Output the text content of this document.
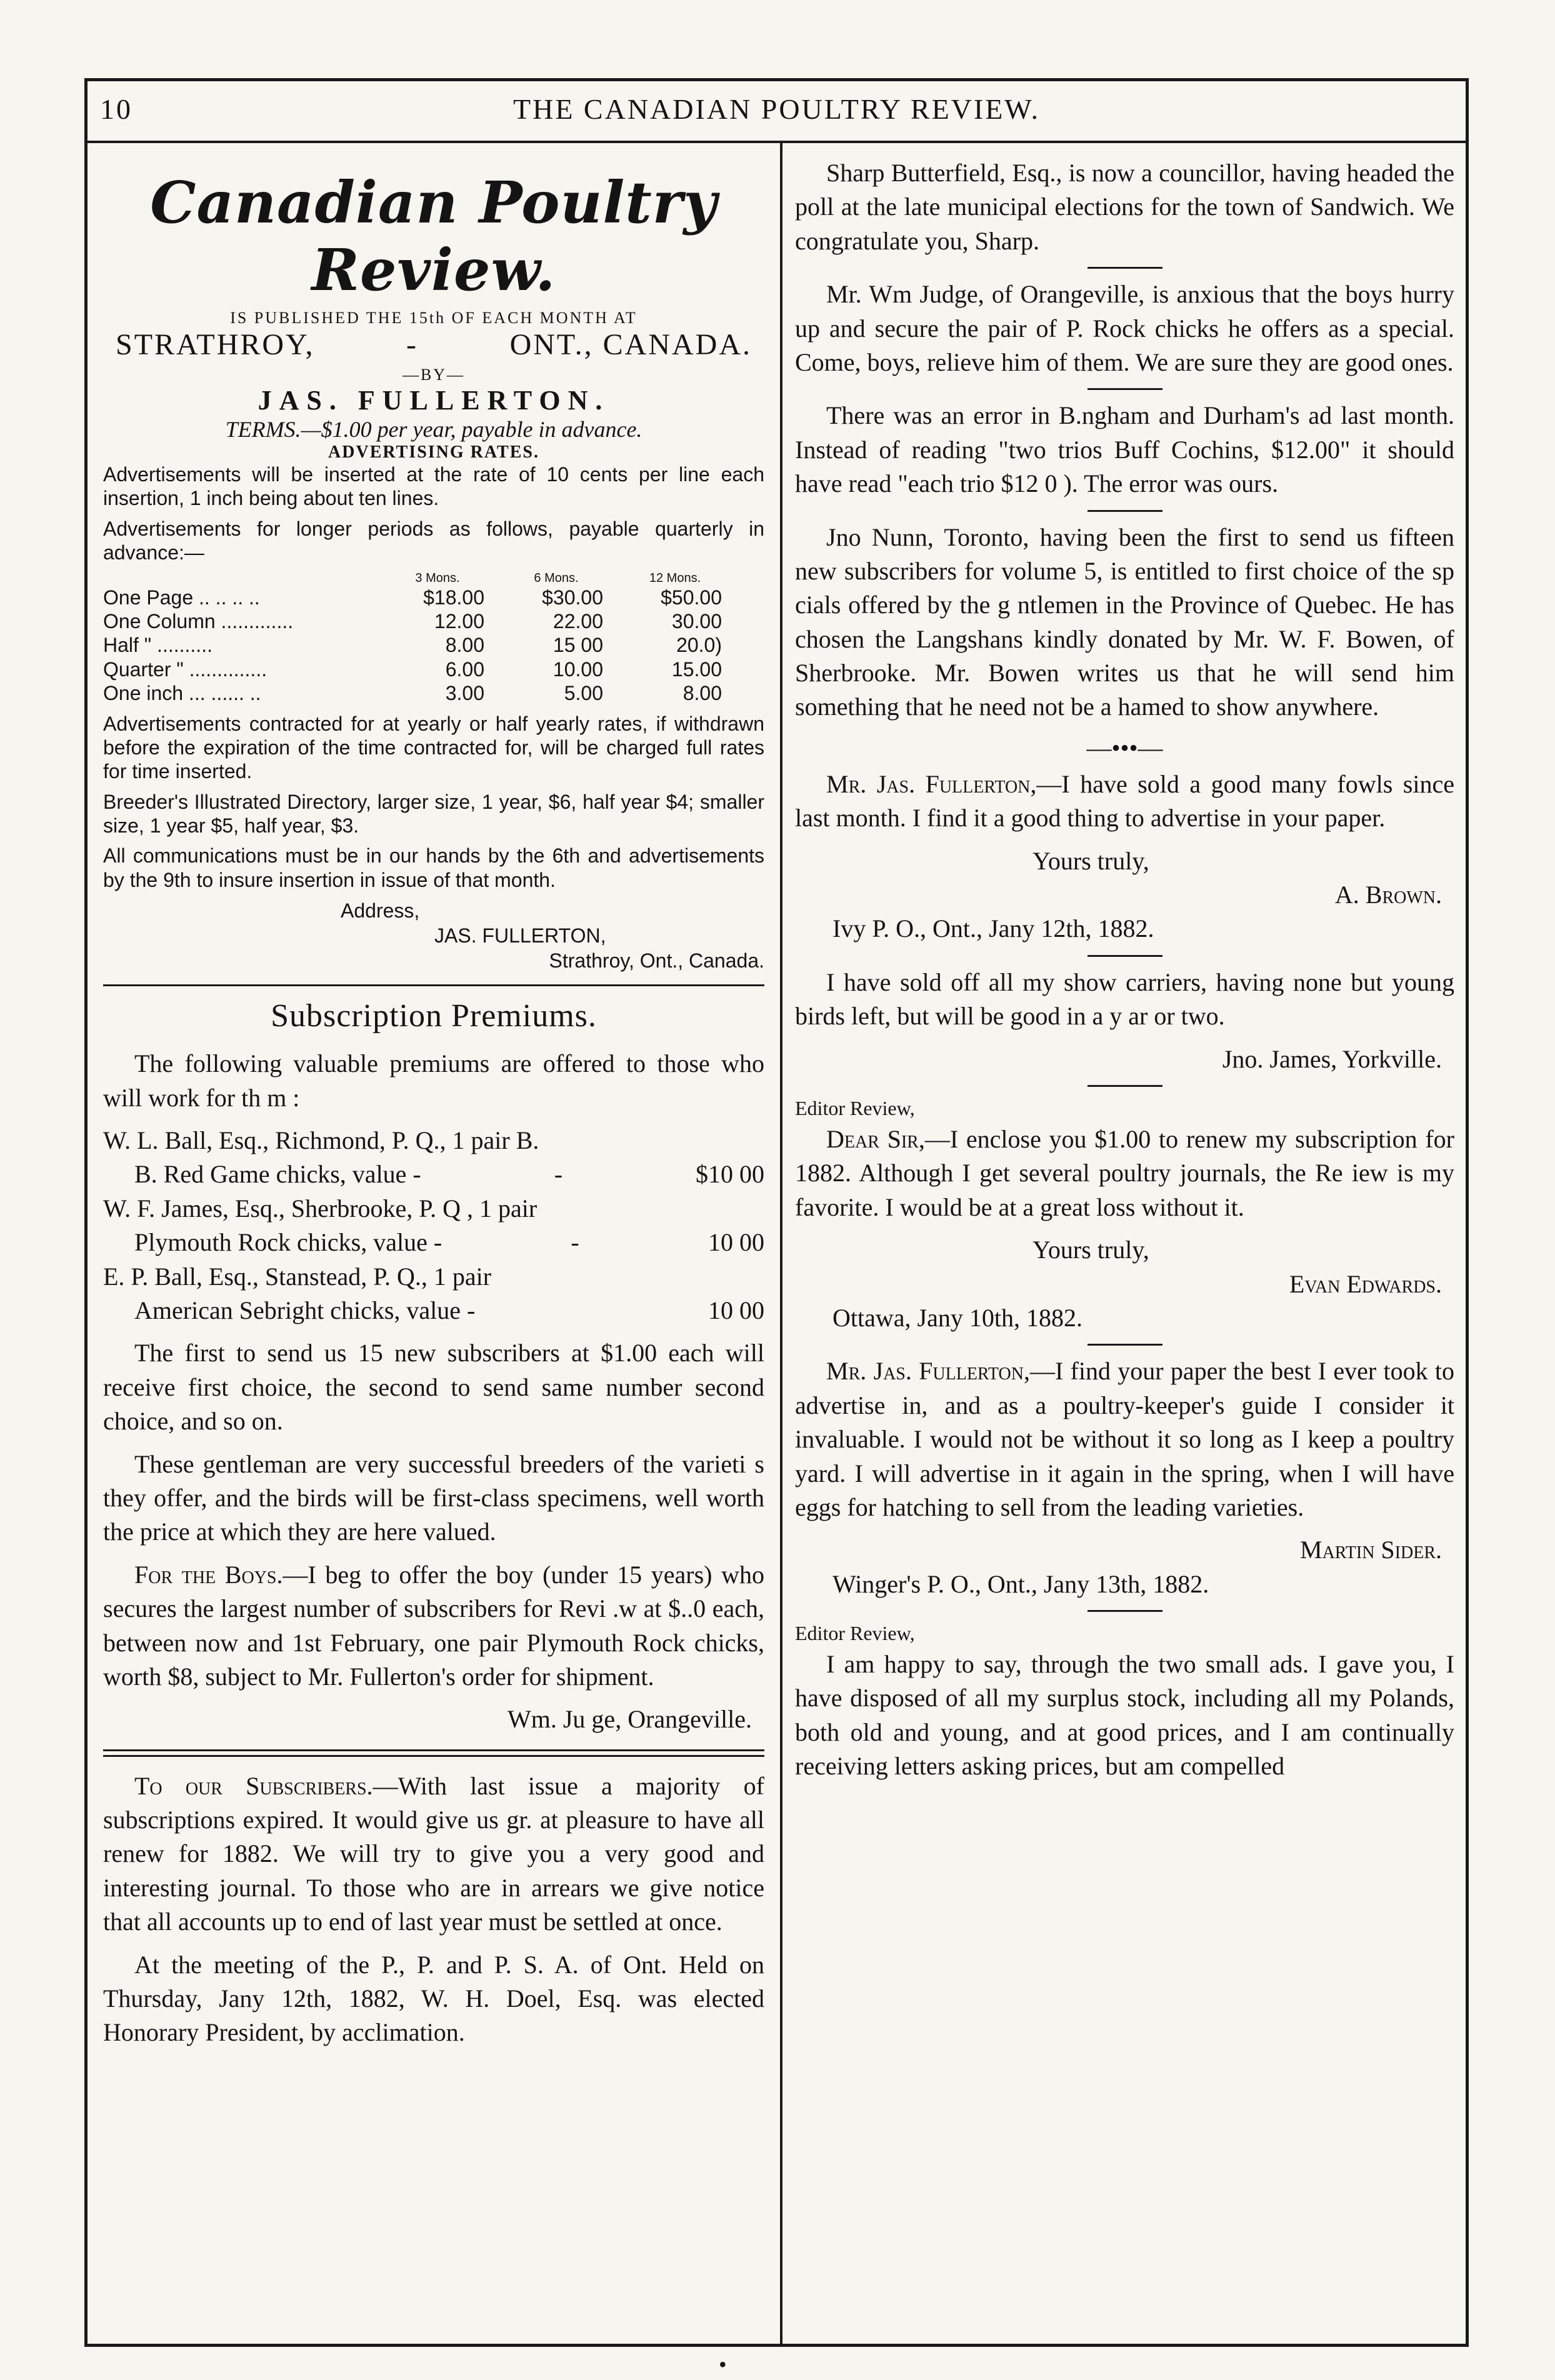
10	THE CANADIAN POULTRY REVIEW.
Canadian Poultry Review.
IS PUBLISHED THE 15th OF EACH MONTH AT
STRATHROY,	-	ONT., CANADA.
—BY—
JAS. FULLERTON.
TERMS.—$1.00 per year, payable in advance.
ADVERTISING RATES.

Advertisements will be inserted at the rate of 10 cents per line each insertion, 1 inch being about ten lines.

Advertisements for longer periods as follows, payable quarterly in advance:—

	3 Mons.	6 Mons.	12 Mons.
One Page .. .. .. ..	$18.00	$30.00	$50.00
One Column .............	12.00	22.00	30.00
Half " ..........	8.00	15 00	20.0)
Quarter " ..............	6.00	10.00	15.00
One inch ... ...... ..	3.00	5.00	8.00

Advertisements contracted for at yearly or half yearly rates, if withdrawn before the expiration of the time contracted for, will be charged full rates for time inserted.

Breeder's Illustrated Directory, larger size, 1 year, $6, half year $4; smaller size, 1 year $5, half year, $3.

All communications must be in our hands by the 6th and advertisements by the 9th to insure insertion in issue of that month.

Address,
JAS. FULLERTON,
Strathroy, Ont., Canada.
Subscription Premiums.

The following valuable premiums are offered to those who will work for th m :

W. L. Ball, Esq., Richmond, P. Q., 1 pair B.
B. Red Game chicks, value -	-	$10 00
W. F. James, Esq., Sherbrooke, P. Q , 1 pair
Plymouth Rock chicks, value -	-	10 00
E. P. Ball, Esq., Stanstead, P. Q., 1 pair
American Sebright chicks, value -	10 00

The first to send us 15 new subscribers at $1.00 each will receive first choice, the second to send same number second choice, and so on.

These gentleman are very successful breeders of the varieti s they offer, and the birds will be first-class specimens, well worth the price at which they are here valued.

For the Boys.—I beg to offer the boy (under 15 years) who secures the largest number of subscribers for Revi .w at $..0 each, between now and 1st February, one pair Plymouth Rock chicks, worth $8, subject to Mr. Fullerton's order for shipment.

Wm. Ju ge, Orangeville.

To our Subscribers.—With last issue a majority of subscriptions expired. It would give us gr. at pleasure to have all renew for 1882. We will try to give you a very good and interesting journal. To those who are in arrears we give notice that all accounts up to end of last year must be settled at once.

At the meeting of the P., P. and P. S. A. of Ont. Held on Thursday, Jany 12th, 1882, W. H. Doel, Esq. was elected Honorary President, by acclimation.

Sharp Butterfield, Esq., is now a councillor, having headed the poll at the late municipal elections for the town of Sandwich. We congratulate you, Sharp.

Mr. Wm Judge, of Orangeville, is anxious that the boys hurry up and secure the pair of P. Rock chicks he offers as a special. Come, boys, relieve him of them. We are sure they are good ones.

There was an error in B.ngham and Durham's ad last month. Instead of reading "two trios Buff Cochins, $12.00" it should have read "each trio $12 0 ). The error was ours.

Jno Nunn, Toronto, having been the first to send us fifteen new subscribers for volume 5, is entitled to first choice of the sp cials offered by the g ntlemen in the Province of Quebec. He has chosen the Langshans kindly donated by Mr. W. F. Bowen, of Sherbrooke. Mr. Bowen writes us that he will send him something that he need not be a hamed to show anywhere.

—•••—

Mr. Jas. Fullerton,—I have sold a good many fowls since last month. I find it a good thing to advertise in your paper.

Yours truly,
A. Brown.
Ivy P. O., Ont., Jany 12th, 1882.

I have sold off all my show carriers, having none but young birds left, but will be good in a y ar or two.

Jno. James, Yorkville.
Editor Review,

Dear Sir,—I enclose you $1.00 to renew my subscription for 1882. Although I get several poultry journals, the Re iew is my favorite. I would be at a great loss without it.

Yours truly,
Evan Edwards.
Ottawa, Jany 10th, 1882.

Mr. Jas. Fullerton,—I find your paper the best I ever took to advertise in, and as a poultry-keeper's guide I consider it invaluable. I would not be without it so long as I keep a poultry yard. I will advertise in it again in the spring, when I will have eggs for hatching to sell from the leading varieties.

Martin Sider.
Winger's P. O., Ont., Jany 13th, 1882.
Editor Review,

I am happy to say, through the two small ads. I gave you, I have disposed of all my surplus stock, including all my Polands, both old and young, and at good prices, and I am continually receiving letters asking prices, but am compelled

•
